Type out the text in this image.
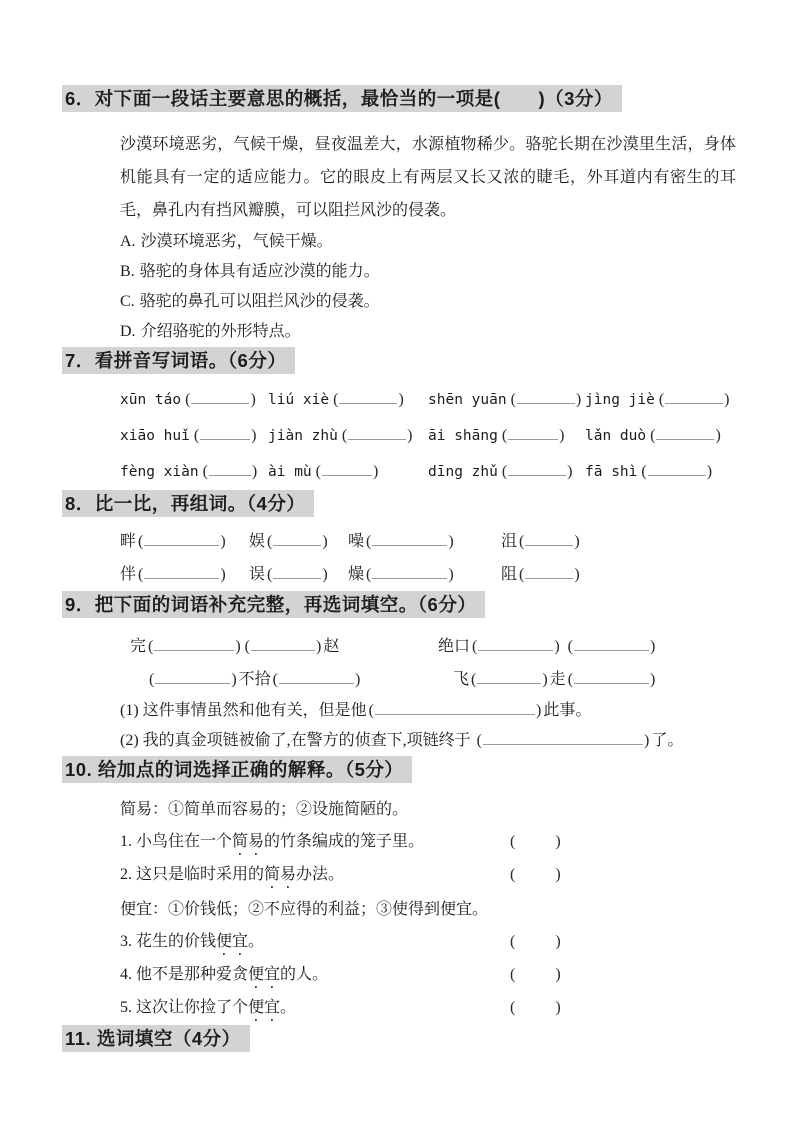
6．对下面一段话主要意思的概括，最恰当的一项是(　　)（3分）
沙漠环境恶劣，气候干燥，昼夜温差大，水源植物稀少。骆驼长期在沙漠里生活，身体机能具有一定的适应能力。它的眼皮上有两层又长又浓的睫毛，外耳道内有密生的耳毛，鼻孔内有挡风瓣膜，可以阻拦风沙的侵袭。
A. 沙漠环境恶劣，气候干燥。
B. 骆驼的身体具有适应沙漠的能力。
C. 骆驼的鼻孔可以阻拦风沙的侵袭。
D. 介绍骆驼的外形特点。
7．看拼音写词语。（6分）
xūn táo (  )	liú xiè (  )	shēn yuān (  )	jìng jiè(  )
xiāo huǐ (  )	jiàn zhù (  )	āi shāng (  )	lǎn duò(  )
fèng xiàn (  )	ài mù (  )	dīng zhǔ (  )	fā shì(  )
8．比一比，再组词。（4分）
畔 (  )	娱 (  )	噪 (  )	沮(  )
伴 (  )	误 (  )	燥 (  )	阻(  )
9．把下面的词语补充完整，再选词填空。（6分）
完 (  ) (  )	赵	绝口(  ) (  )
(  )不拾 (  )	飞 (  )	走(  )
(1) 这件事情虽然和他有关，但是他 (  )	此事。
(2) 我的真金项链被偷了,在警方的侦查下,项链终于 (  )	了。
10. 给加点的词选择正确的解释。（5分）
简易：①简单而容易的；②设施简陋的。
1. 小鸟住在一个简易的竹条编成的笼子里。
(  )
2. 这只是临时采用的简易办法。
(  )
便宜：①价钱低；②不应得的利益；③使得到便宜。
3. 花生的价钱便宜。
(  )
4. 他不是那种爱贪便宜的人。
(  )
5. 这次让你捡了个便宜。
(  )
11. 选词填空（4分）
